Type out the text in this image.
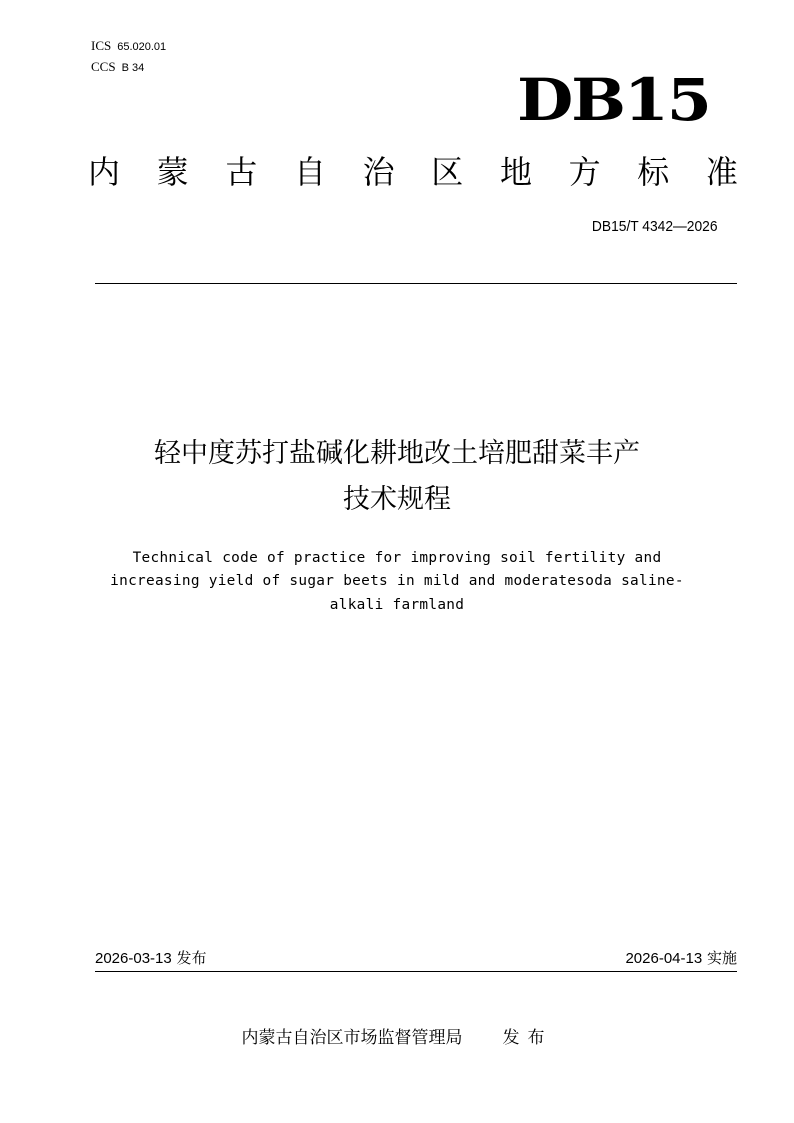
ICS 65.020.01
CCS B 34	DB15
内 蒙 古 自 治 区 地 方 标 准
DB15/T 4342—2026
轻中度苏打盐碱化耕地改土培肥甜菜丰产
技术规程
Technical code of practice for improving soil fertility and
increasing yield of sugar beets in mild and moderatesoda saline-
alkali farmland
2026-03-13 发布	2026-04-13 实施
内蒙古自治区市场监督管理局 发布
